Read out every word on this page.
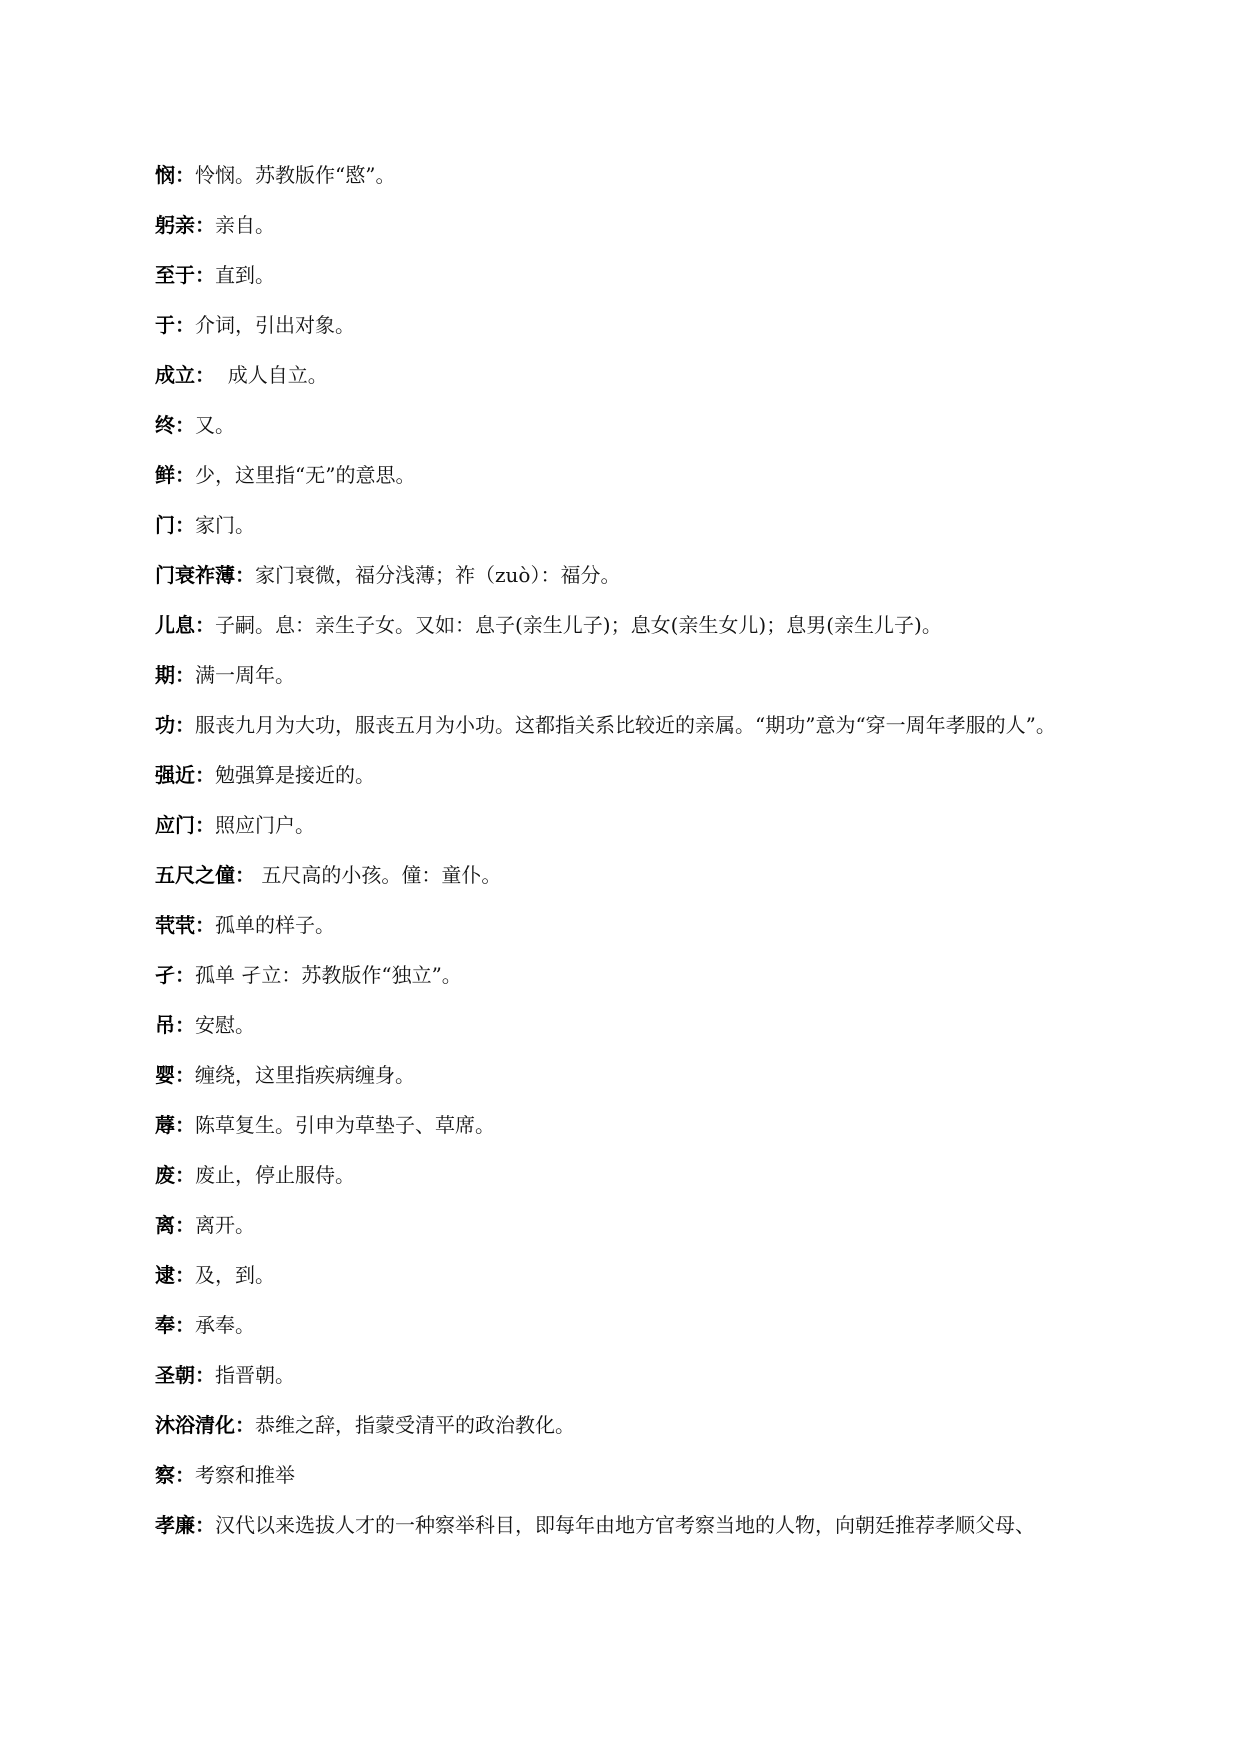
悯：怜悯。苏教版作“愍”。

躬亲：亲自。

至于：直到。

于：介词，引出对象。

成立：  成人自立。

终：又。

鲜：少，这里指“无”的意思。

门：家门。

门衰祚薄：家门衰微，福分浅薄；祚（zuò）：福分。

儿息：子嗣。息：亲生子女。又如：息子(亲生儿子)；息女(亲生女儿)；息男(亲生儿子)。

期：满一周年。

功：服丧九月为大功，服丧五月为小功。这都指关系比较近的亲属。“期功”意为“穿一周年孝服的人”。

强近：勉强算是接近的。

应门：照应门户。

五尺之僮： 五尺高的小孩。僮：童仆。

茕茕：孤单的样子。

孑：孤单 孑立：苏教版作“独立”。

吊：安慰。

婴：缠绕，这里指疾病缠身。

蓐：陈草复生。引申为草垫子、草席。

废：废止，停止服侍。

离：离开。

逮：及，到。

奉：承奉。

圣朝：指晋朝。

沐浴清化：恭维之辞，指蒙受清平的政治教化。

察：考察和推举

孝廉：汉代以来选拔人才的一种察举科目，即每年由地方官考察当地的人物，向朝廷推荐孝顺父母、
